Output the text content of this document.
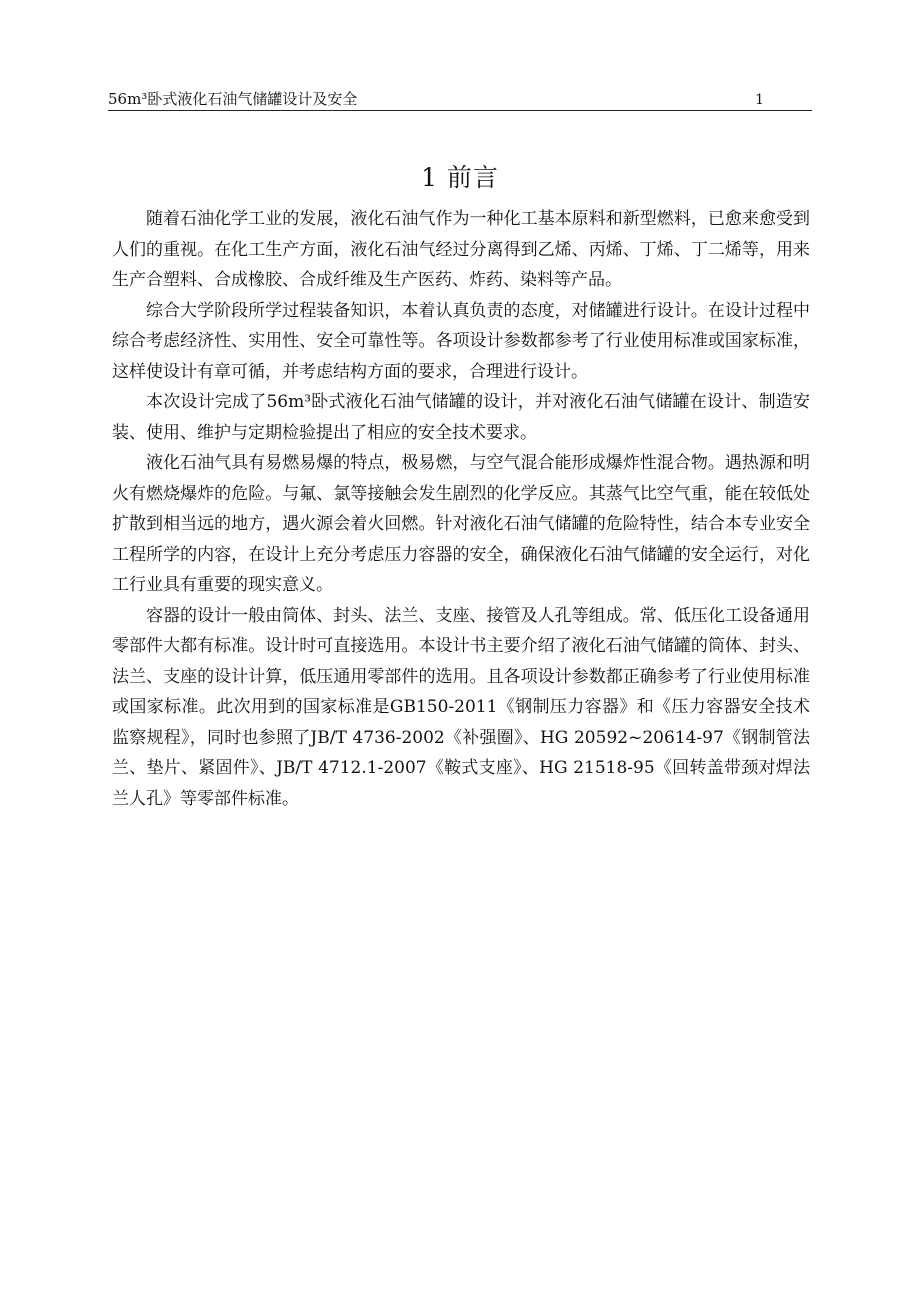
56m³卧式液化石油气储罐设计及安全	1
1 前言

随着石油化学工业的发展，液化石油气作为一种化工基本原料和新型燃料，已愈来愈受到人们的重视。在化工生产方面，液化石油气经过分离得到乙烯、丙烯、丁烯、丁二烯等，用来生产合塑料、合成橡胶、合成纤维及生产医药、炸药、染料等产品。

综合大学阶段所学过程装备知识，本着认真负责的态度，对储罐进行设计。在设计过程中综合考虑经济性、实用性、安全可靠性等。各项设计参数都参考了行业使用标准或国家标准，这样使设计有章可循，并考虑结构方面的要求，合理进行设计。

本次设计完成了56m³卧式液化石油气储罐的设计，并对液化石油气储罐在设计、制造安装、使用、维护与定期检验提出了相应的安全技术要求。

液化石油气具有易燃易爆的特点，极易燃，与空气混合能形成爆炸性混合物。遇热源和明火有燃烧爆炸的危险。与氟、氯等接触会发生剧烈的化学反应。其蒸气比空气重，能在较低处扩散到相当远的地方，遇火源会着火回燃。针对液化石油气储罐的危险特性，结合本专业安全工程所学的内容，在设计上充分考虑压力容器的安全，确保液化石油气储罐的安全运行，对化工行业具有重要的现实意义。

容器的设计一般由筒体、封头、法兰、支座、接管及人孔等组成。常、低压化工设备通用零部件大都有标准。设计时可直接选用。本设计书主要介绍了液化石油气储罐的筒体、封头、法兰、支座的设计计算，低压通用零部件的选用。且各项设计参数都正确参考了行业使用标准或国家标准。此次用到的国家标准是GB150-2011《钢制压力容器》和《压力容器安全技术监察规程》，同时也参照了JB/T 4736-2002《补强圈》、HG 20592~20614-97《钢制管法兰、垫片、紧固件》、JB/T 4712.1-2007《鞍式支座》、HG 21518-95《回转盖带颈对焊法兰人孔》等零部件标准。
